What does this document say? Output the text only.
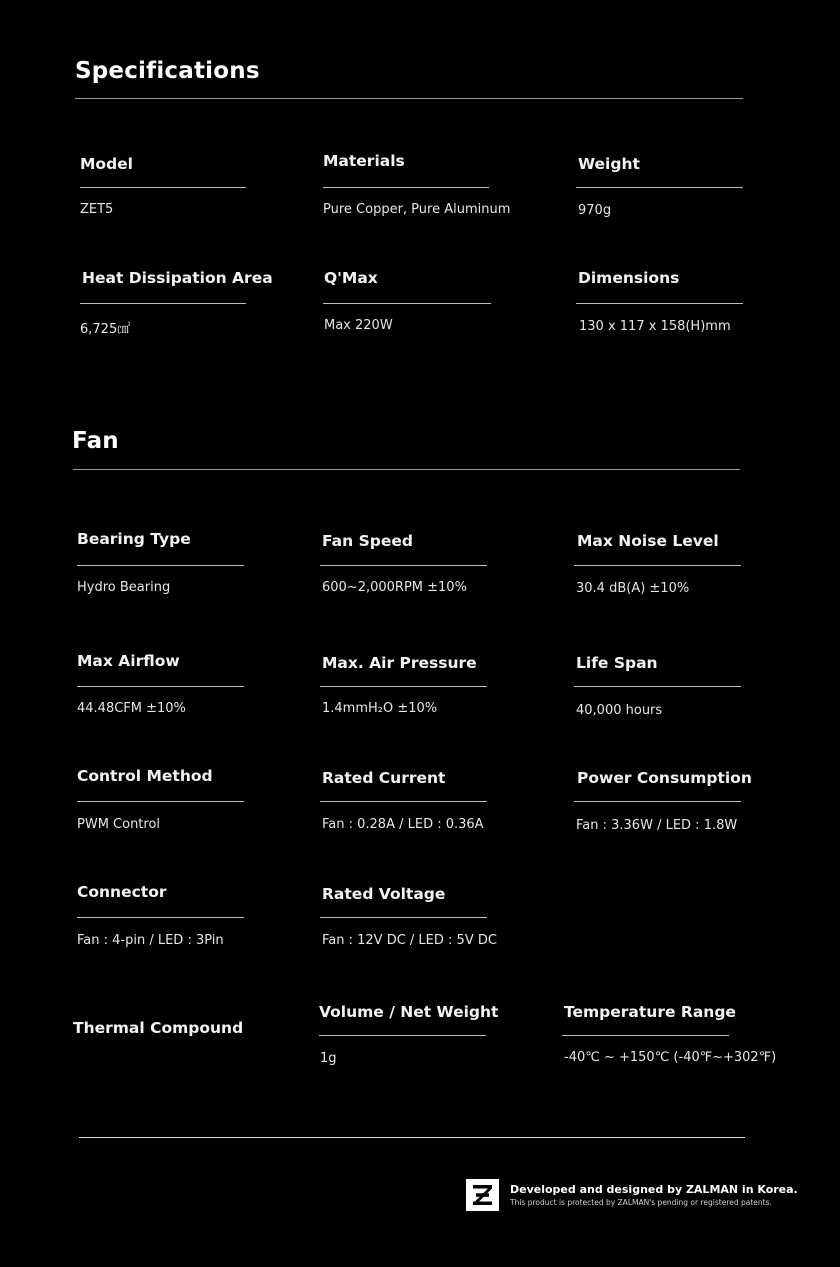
Specifications
Model
ZET5
Materials
Pure Copper, Pure Aluminum
Weight
970g
Heat Dissipation Area
6,725㎠
Q'Max
Max 220W
Dimensions
130 x 117 x 158(H)mm
Fan
Bearing Type
Hydro Bearing
Fan Speed
600~2,000RPM ±10%
Max Noise Level
30.4 dB(A) ±10%
Max Airflow
44.48CFM ±10%
Max. Air Pressure
1.4mmH₂O ±10%
Life Span
40,000 hours
Control Method
PWM Control
Rated Current
Fan : 0.28A / LED : 0.36A
Power Consumption
Fan : 3.36W / LED : 1.8W
Connector
Fan : 4-pin / LED : 3Pin
Rated Voltage
Fan : 12V DC / LED : 5V DC
Thermal Compound
Volume / Net Weight
1g
Temperature Range
-40℃ ~ +150℃ (-40℉~+302℉)
Developed and designed by ZALMAN in Korea.
This product is protected by ZALMAN's pending or registered patents.
